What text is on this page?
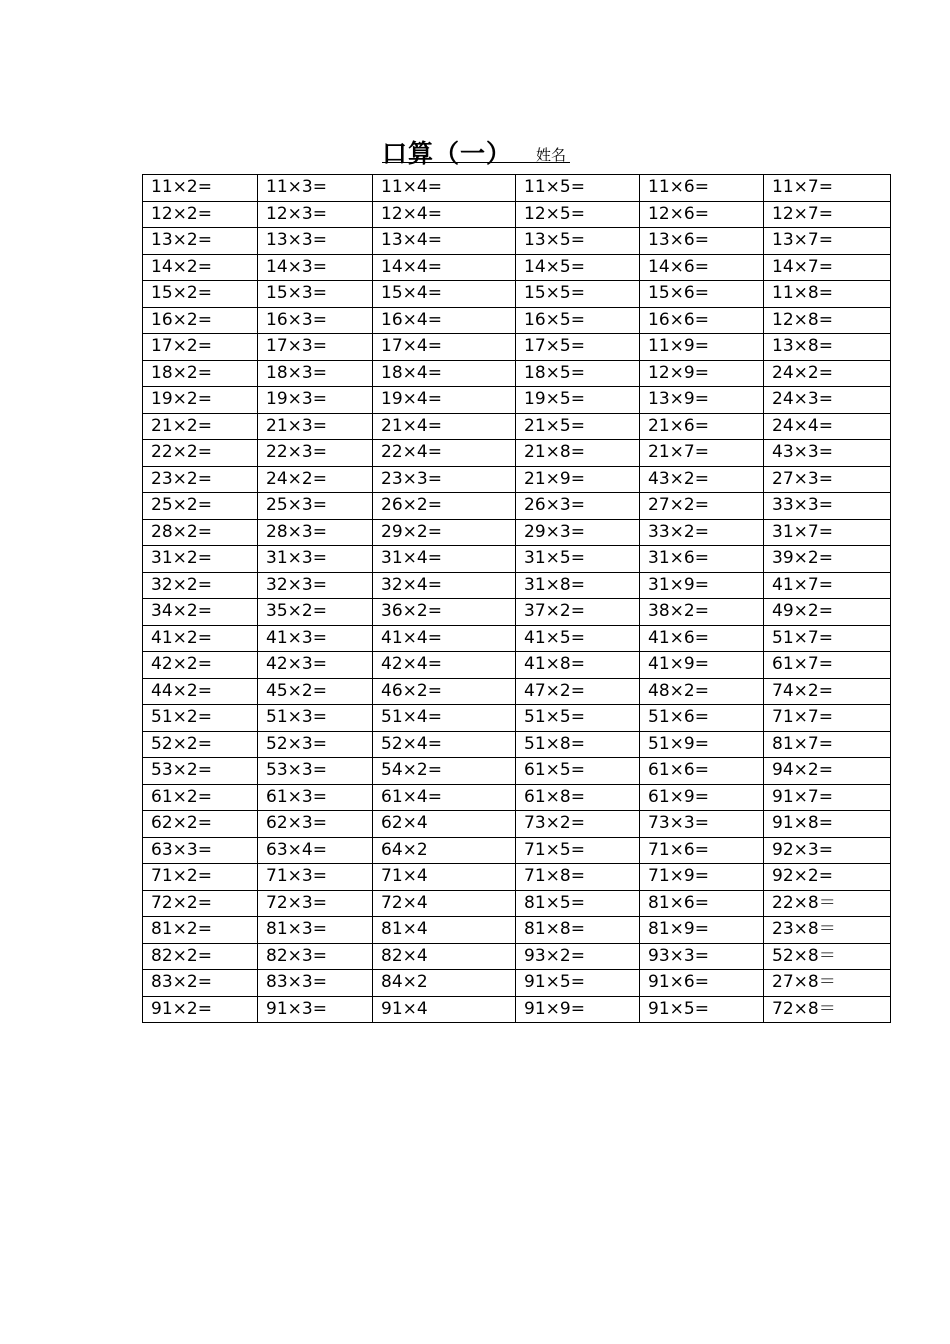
口算（一） 姓名
11×2=	11×3=	11×4=	11×5=	11×6=	11×7=
12×2=	12×3=	12×4=	12×5=	12×6=	12×7=
13×2=	13×3=	13×4=	13×5=	13×6=	13×7=
14×2=	14×3=	14×4=	14×5=	14×6=	14×7=
15×2=	15×3=	15×4=	15×5=	15×6=	11×8=
16×2=	16×3=	16×4=	16×5=	16×6=	12×8=
17×2=	17×3=	17×4=	17×5=	11×9=	13×8=
18×2=	18×3=	18×4=	18×5=	12×9=	24×2=
19×2=	19×3=	19×4=	19×5=	13×9=	24×3=
21×2=	21×3=	21×4=	21×5=	21×6=	24×4=
22×2=	22×3=	22×4=	21×8=	21×7=	43×3=
23×2=	24×2=	23×3=	21×9=	43×2=	27×3=
25×2=	25×3=	26×2=	26×3=	27×2=	33×3=
28×2=	28×3=	29×2=	29×3=	33×2=	31×7=
31×2=	31×3=	31×4=	31×5=	31×6=	39×2=
32×2=	32×3=	32×4=	31×8=	31×9=	41×7=
34×2=	35×2=	36×2=	37×2=	38×2=	49×2=
41×2=	41×3=	41×4=	41×5=	41×6=	51×7=
42×2=	42×3=	42×4=	41×8=	41×9=	61×7=
44×2=	45×2=	46×2=	47×2=	48×2=	74×2=
51×2=	51×3=	51×4=	51×5=	51×6=	71×7=
52×2=	52×3=	52×4=	51×8=	51×9=	81×7=
53×2=	53×3=	54×2=	61×5=	61×6=	94×2=
61×2=	61×3=	61×4=	61×8=	61×9=	91×7=
62×2=	62×3=	62×4	73×2=	73×3=	91×8=
63×3=	63×4=	64×2	71×5=	71×6=	92×3=
71×2=	71×3=	71×4	71×8=	71×9=	92×2=
72×2=	72×3=	72×4	81×5=	81×6=	22×8＝
81×2=	81×3=	81×4	81×8=	81×9=	23×8＝
82×2=	82×3=	82×4	93×2=	93×3=	52×8＝
83×2=	83×3=	84×2	91×5=	91×6=	27×8＝
91×2=	91×3=	91×4	91×9=	91×5=	72×8＝
